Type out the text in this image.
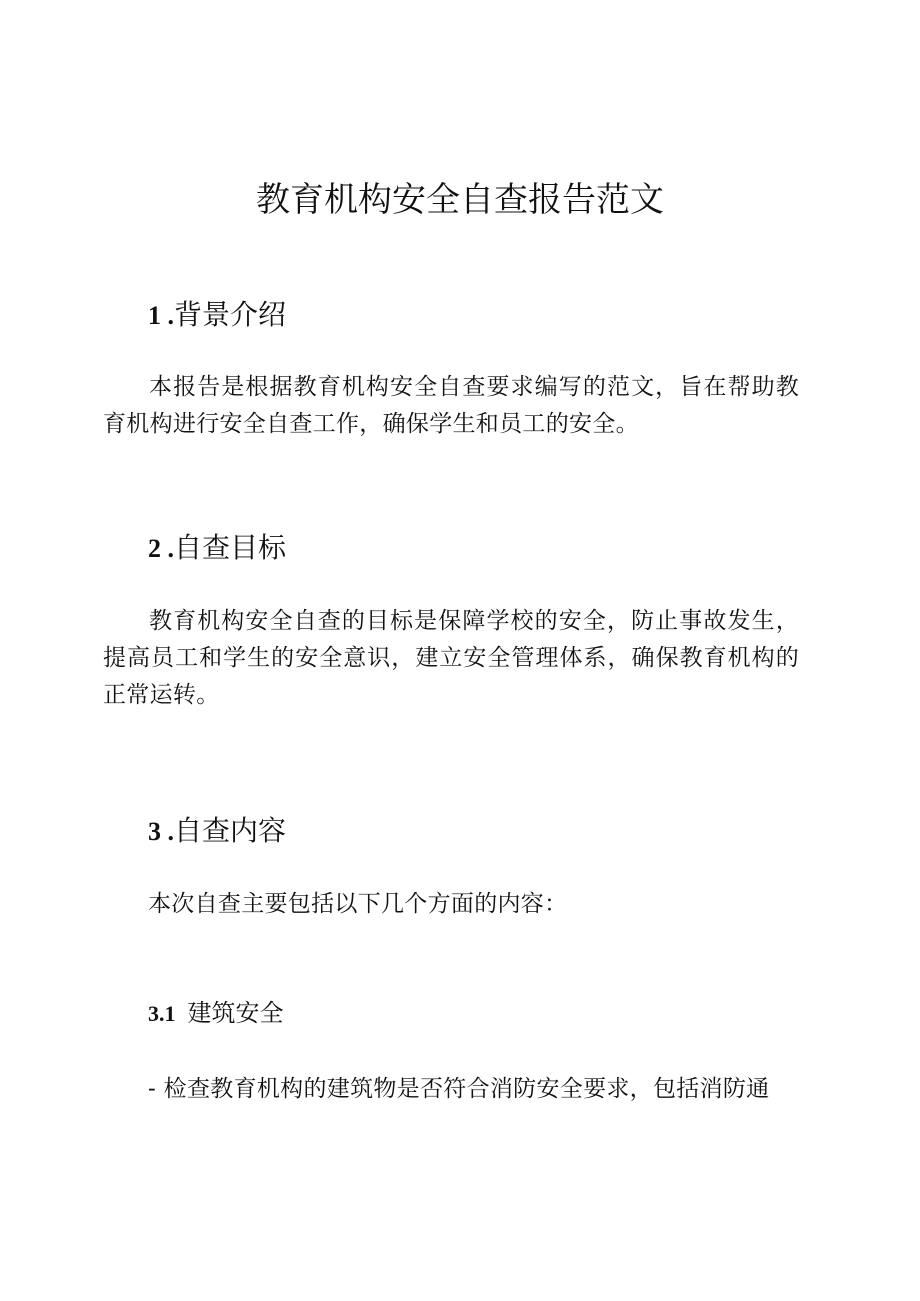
教育机构安全自查报告范文
1 .背景介绍
本报告是根据教育机构安全自查要求编写的范文，旨在帮助教育机构进行安全自查工作，确保学生和员工的安全。
2 .自查目标
教育机构安全自查的目标是保障学校的安全，防止事故发生，提高员工和学生的安全意识，建立安全管理体系，确保教育机构的正常运转。
3 .自查内容
本次自查主要包括以下几个方面的内容：
3.1 建筑安全
- 检查教育机构的建筑物是否符合消防安全要求，包括消防通
